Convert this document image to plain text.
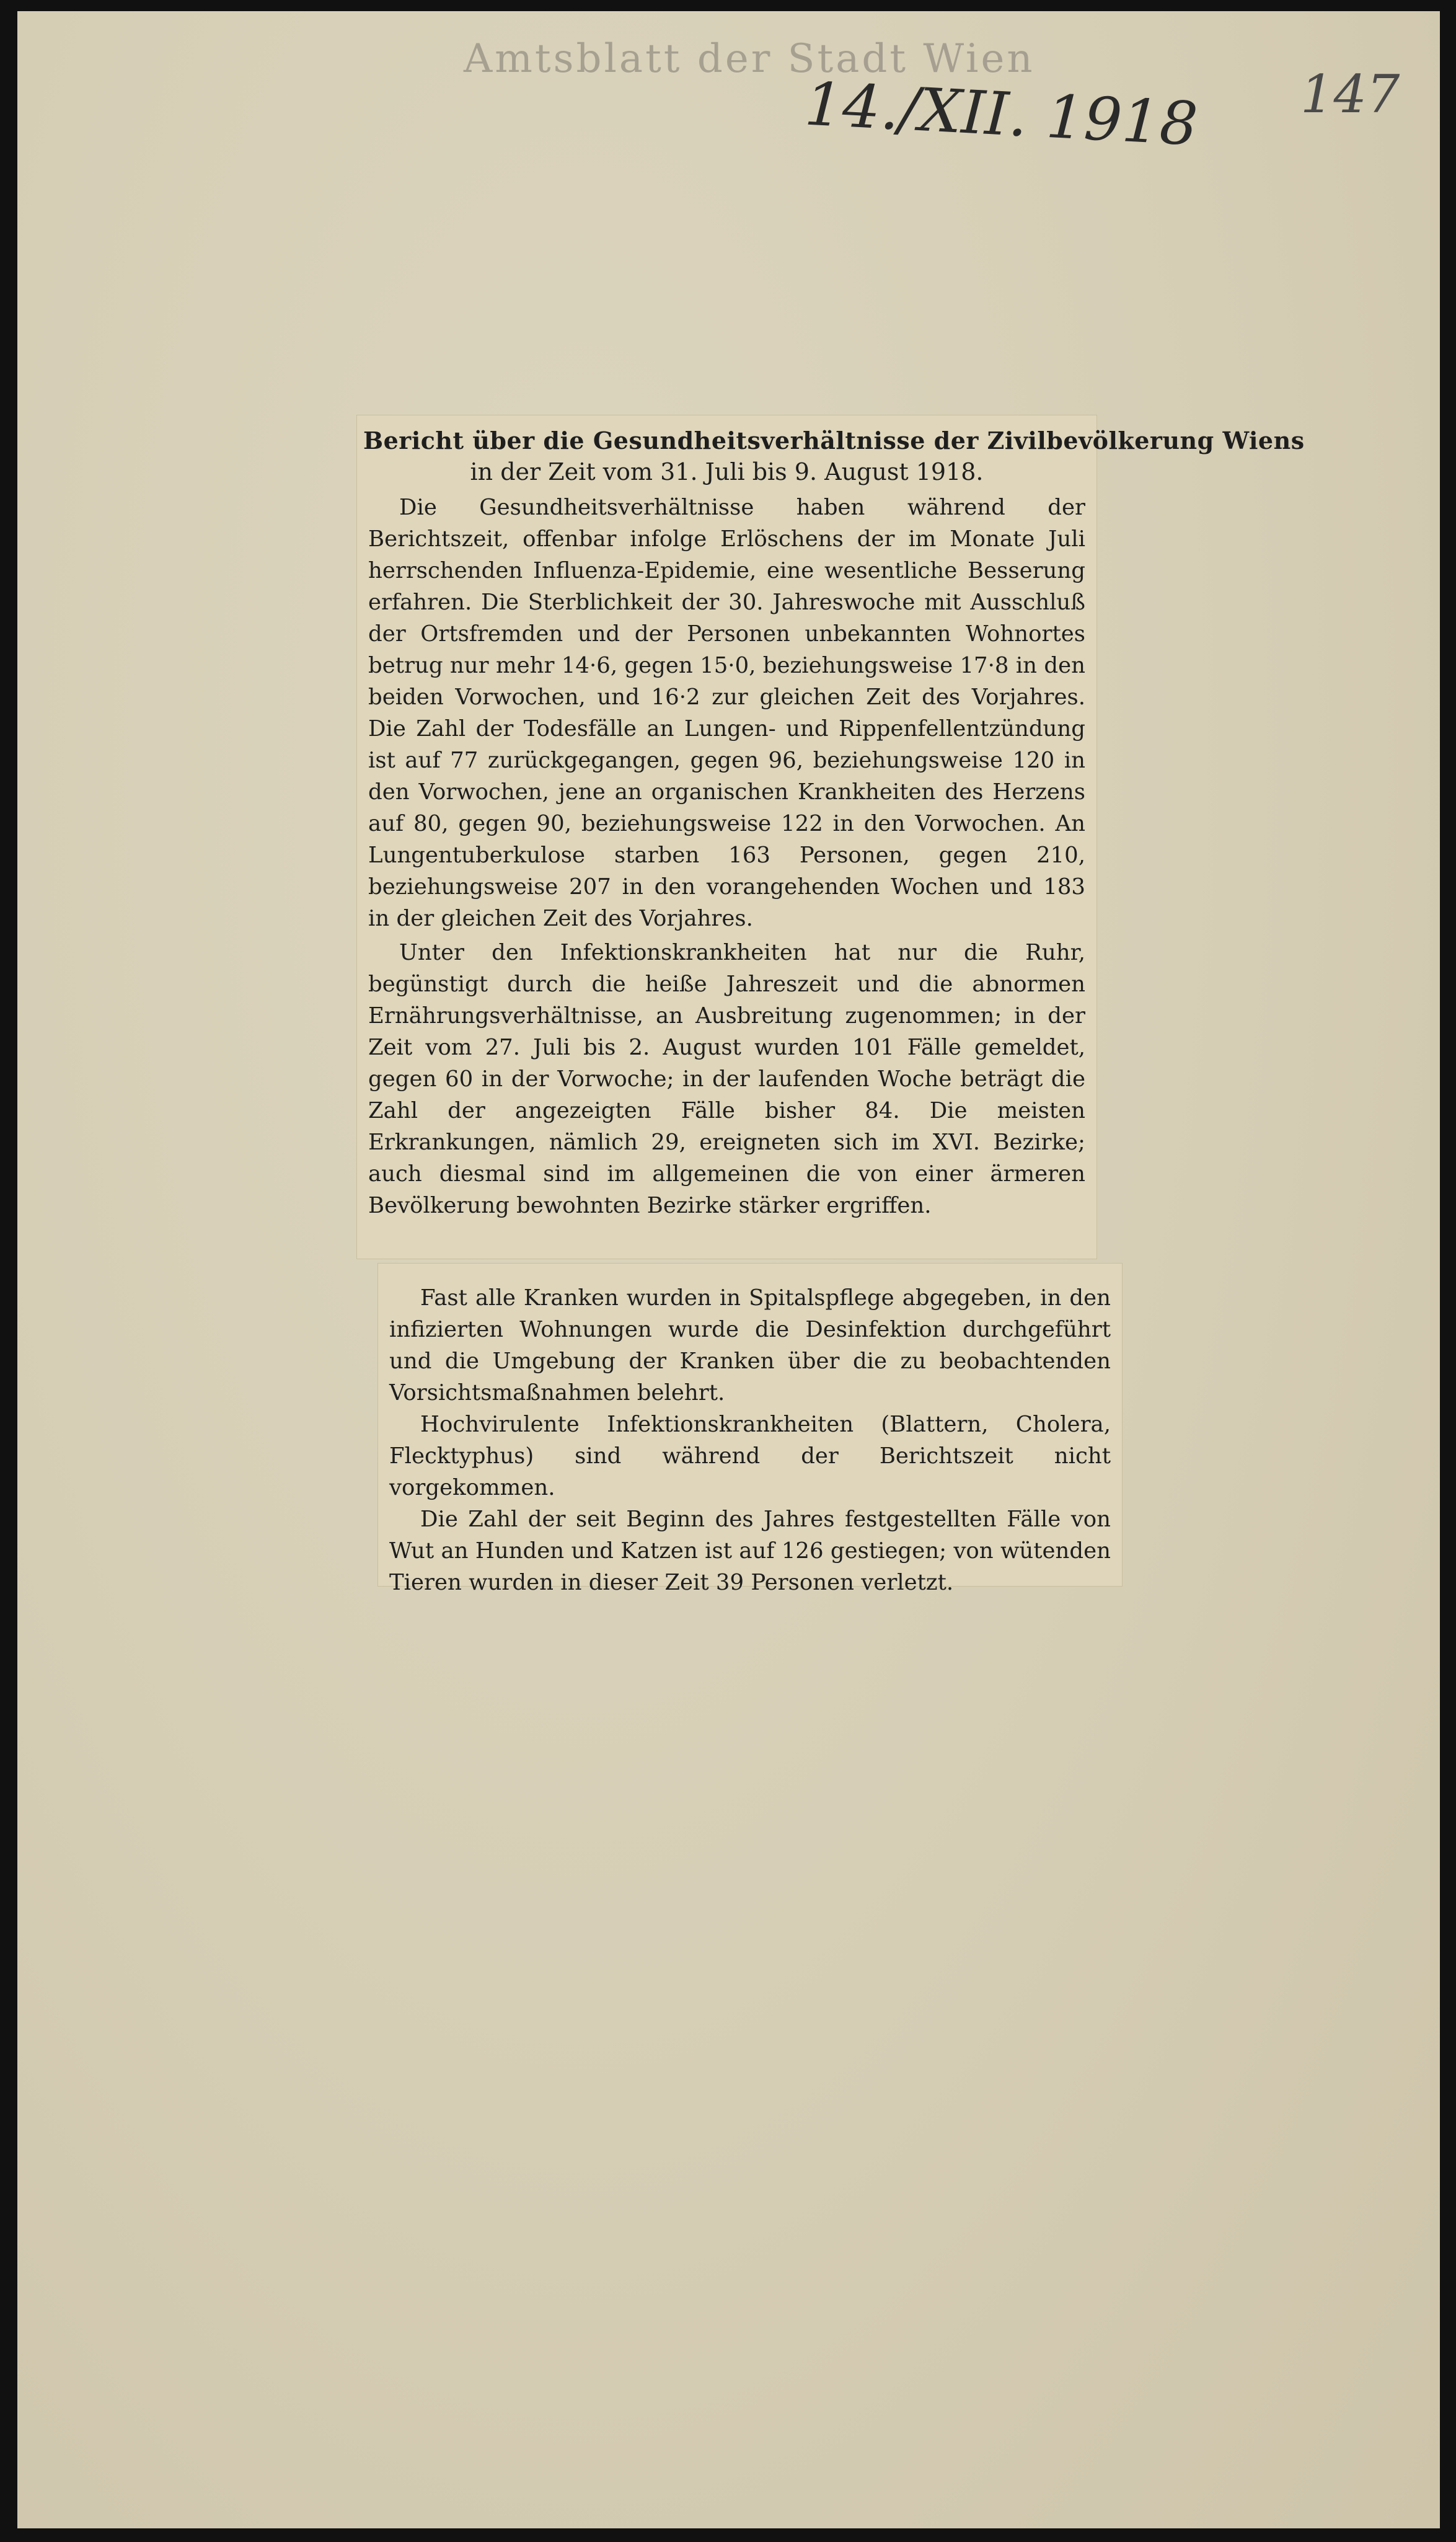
Amtsblatt der Stadt Wien
14./XII. 1918 147
Bericht über die Gesundheitsverhältnisse der Zivilbevölkerung Wiens
in der Zeit vom 31. Juli bis 9. August 1918.
Die Gesundheitsverhältnisse haben während der Berichtszeit, offenbar infolge Erlöschens der im Monate Juli herrschenden Influenza-Epidemie, eine wesentliche Besserung erfahren. Die Sterblichkeit der 30. Jahreswoche mit Ausschluß der Ortsfremden und der Personen unbekannten Wohnortes betrug nur mehr 14·6, gegen 15·0, beziehungsweise 17·8 in den beiden Vorwochen, und 16·2 zur gleichen Zeit des Vorjahres. Die Zahl der Todesfälle an Lungen- und Rippenfellentzündung ist auf 77 zurückgegangen, gegen 96, beziehungsweise 120 in den Vorwochen, jene an organischen Krankheiten des Herzens auf 80, gegen 90, beziehungsweise 122 in den Vorwochen. An Lungentuberkulose starben 163 Personen, gegen 210, beziehungsweise 207 in den vorangehenden Wochen und 183 in der gleichen Zeit des Vorjahres.
Unter den Infektionskrankheiten hat nur die Ruhr, begünstigt durch die heiße Jahreszeit und die abnormen Ernährungsverhältnisse, an Ausbreitung zugenommen; in der Zeit vom 27. Juli bis 2. August wurden 101 Fälle gemeldet, gegen 60 in der Vorwoche; in der laufenden Woche beträgt die Zahl der angezeigten Fälle bisher 84. Die meisten Erkrankungen, nämlich 29, ereigneten sich im XVI. Bezirke; auch diesmal sind im allgemeinen die von einer ärmeren Bevölkerung bewohnten Bezirke stärker ergriffen.
Fast alle Kranken wurden in Spitalspflege abgegeben, in den infizierten Wohnungen wurde die Desinfektion durchgeführt und die Umgebung der Kranken über die zu beobachtenden Vorsichtsmaßnahmen belehrt.
Hochvirulente Infektionskrankheiten (Blattern, Cholera, Flecktyphus) sind während der Berichtszeit nicht vorgekommen.
Die Zahl der seit Beginn des Jahres festgestellten Fälle von Wut an Hunden und Katzen ist auf 126 gestiegen; von wütenden Tieren wurden in dieser Zeit 39 Personen verletzt.
